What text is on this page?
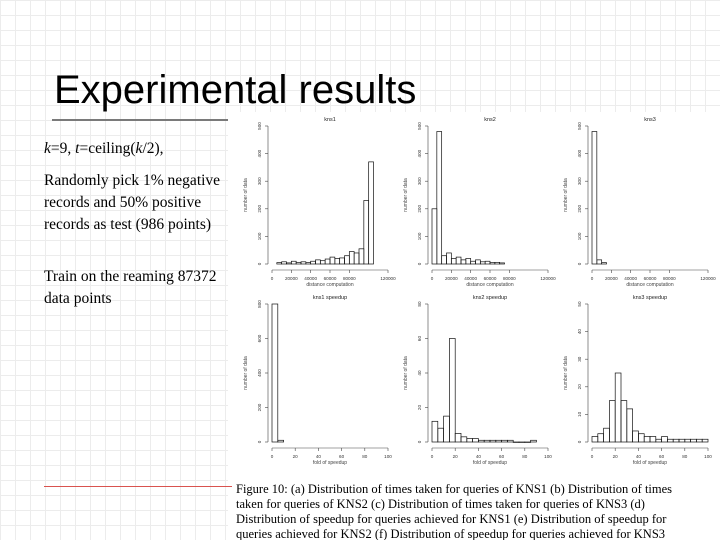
Experimental results
k=9, t=ceiling(k/2),
Randomly pick 1% negative records and 50% positive records as test (986 points)
Train on the reaming 87372 data points
kns1
distance computation
number of data
0
100
200
300
400
500
0	20000 40000 60000 80000	120000
kns2
distance computation
number of data
0
100
200
300
400
500
0	20000 40000 60000 80000	120000
kns3
distance computation
number of data
0
100
200
300
400
500
0	20000 40000 60000 80000	120000
kns1 speedup
fold of speedup
number of data
0
200
400
600
800
0	20	40	60	80	100
kns2 speedup
fold of speedup
number of data
0
20
40
60
80
0	20	40	60	80	100
kns3 speedup
fold of speedup
number of data
0
10
20
30
40
50
0	20	40	60	80	100
Figure 10: (a) Distribution of times taken for queries of KNS1 (b) Distribution of times taken for queries of KNS2 (c) Distribution of times taken for queries of KNS3 (d) Distribution of speedup for queries achieved for KNS1 (e) Distribution of speedup for queries achieved for KNS2 (f) Distribution of speedup for queries achieved for KNS3
